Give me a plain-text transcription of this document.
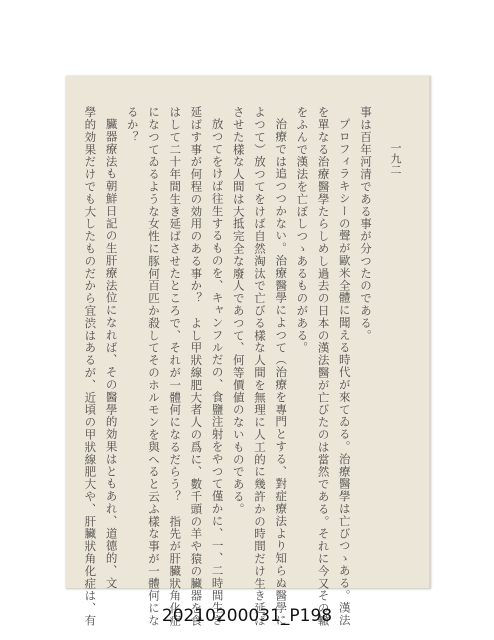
一九二
事は百年河清である事が分つたのである。
プロフィラキシーの聲が歐米全體に聞える時代が來てゐる。治療醫學は亡びつゝある。漢法
を單なる治療醫學たらしめし過去の日本の漢法醫が亡びたのは當然である。それに今又その轍
をふんで漢法を亡ぼしつゝあるものがある。
治療では追つつかない。治療醫學によつて（治療を專門とする、對症療法より知らぬ醫學に
よつて）放つてをけば自然淘汰で亡びる樣な人間を無理に人工的に幾許かの時間だけ生き延ば
させた樣な人間は大抵完全な廢人であつて、何等價値のないものである。
放つてをけば往生するものを、キャンフルだの、食鹽注射をやつて僅かに、一、二時間生き
延ばす事が何程の効用のある事か？　よし甲狀線肥大者人の爲に、數千頭の羊や猿の臟器を食
はして二十年間生き延ばさせたところで、それが一體何になるだらう？　指先が肝臟狀角化症
になつてゐるような女性に豚何百匹か殺してそのホルモンを與へると云ふ樣な事が一體何にな
るか？
臟器療法も朝鮮日記の生肝療法位になれば、その醫學的効果はともあれ、道德的、文
學的効果だけでも大したものだから宜渋はあるが、近頃の甲狀線肥大や、肝臟狀角化症は、有	20210200031_P198
